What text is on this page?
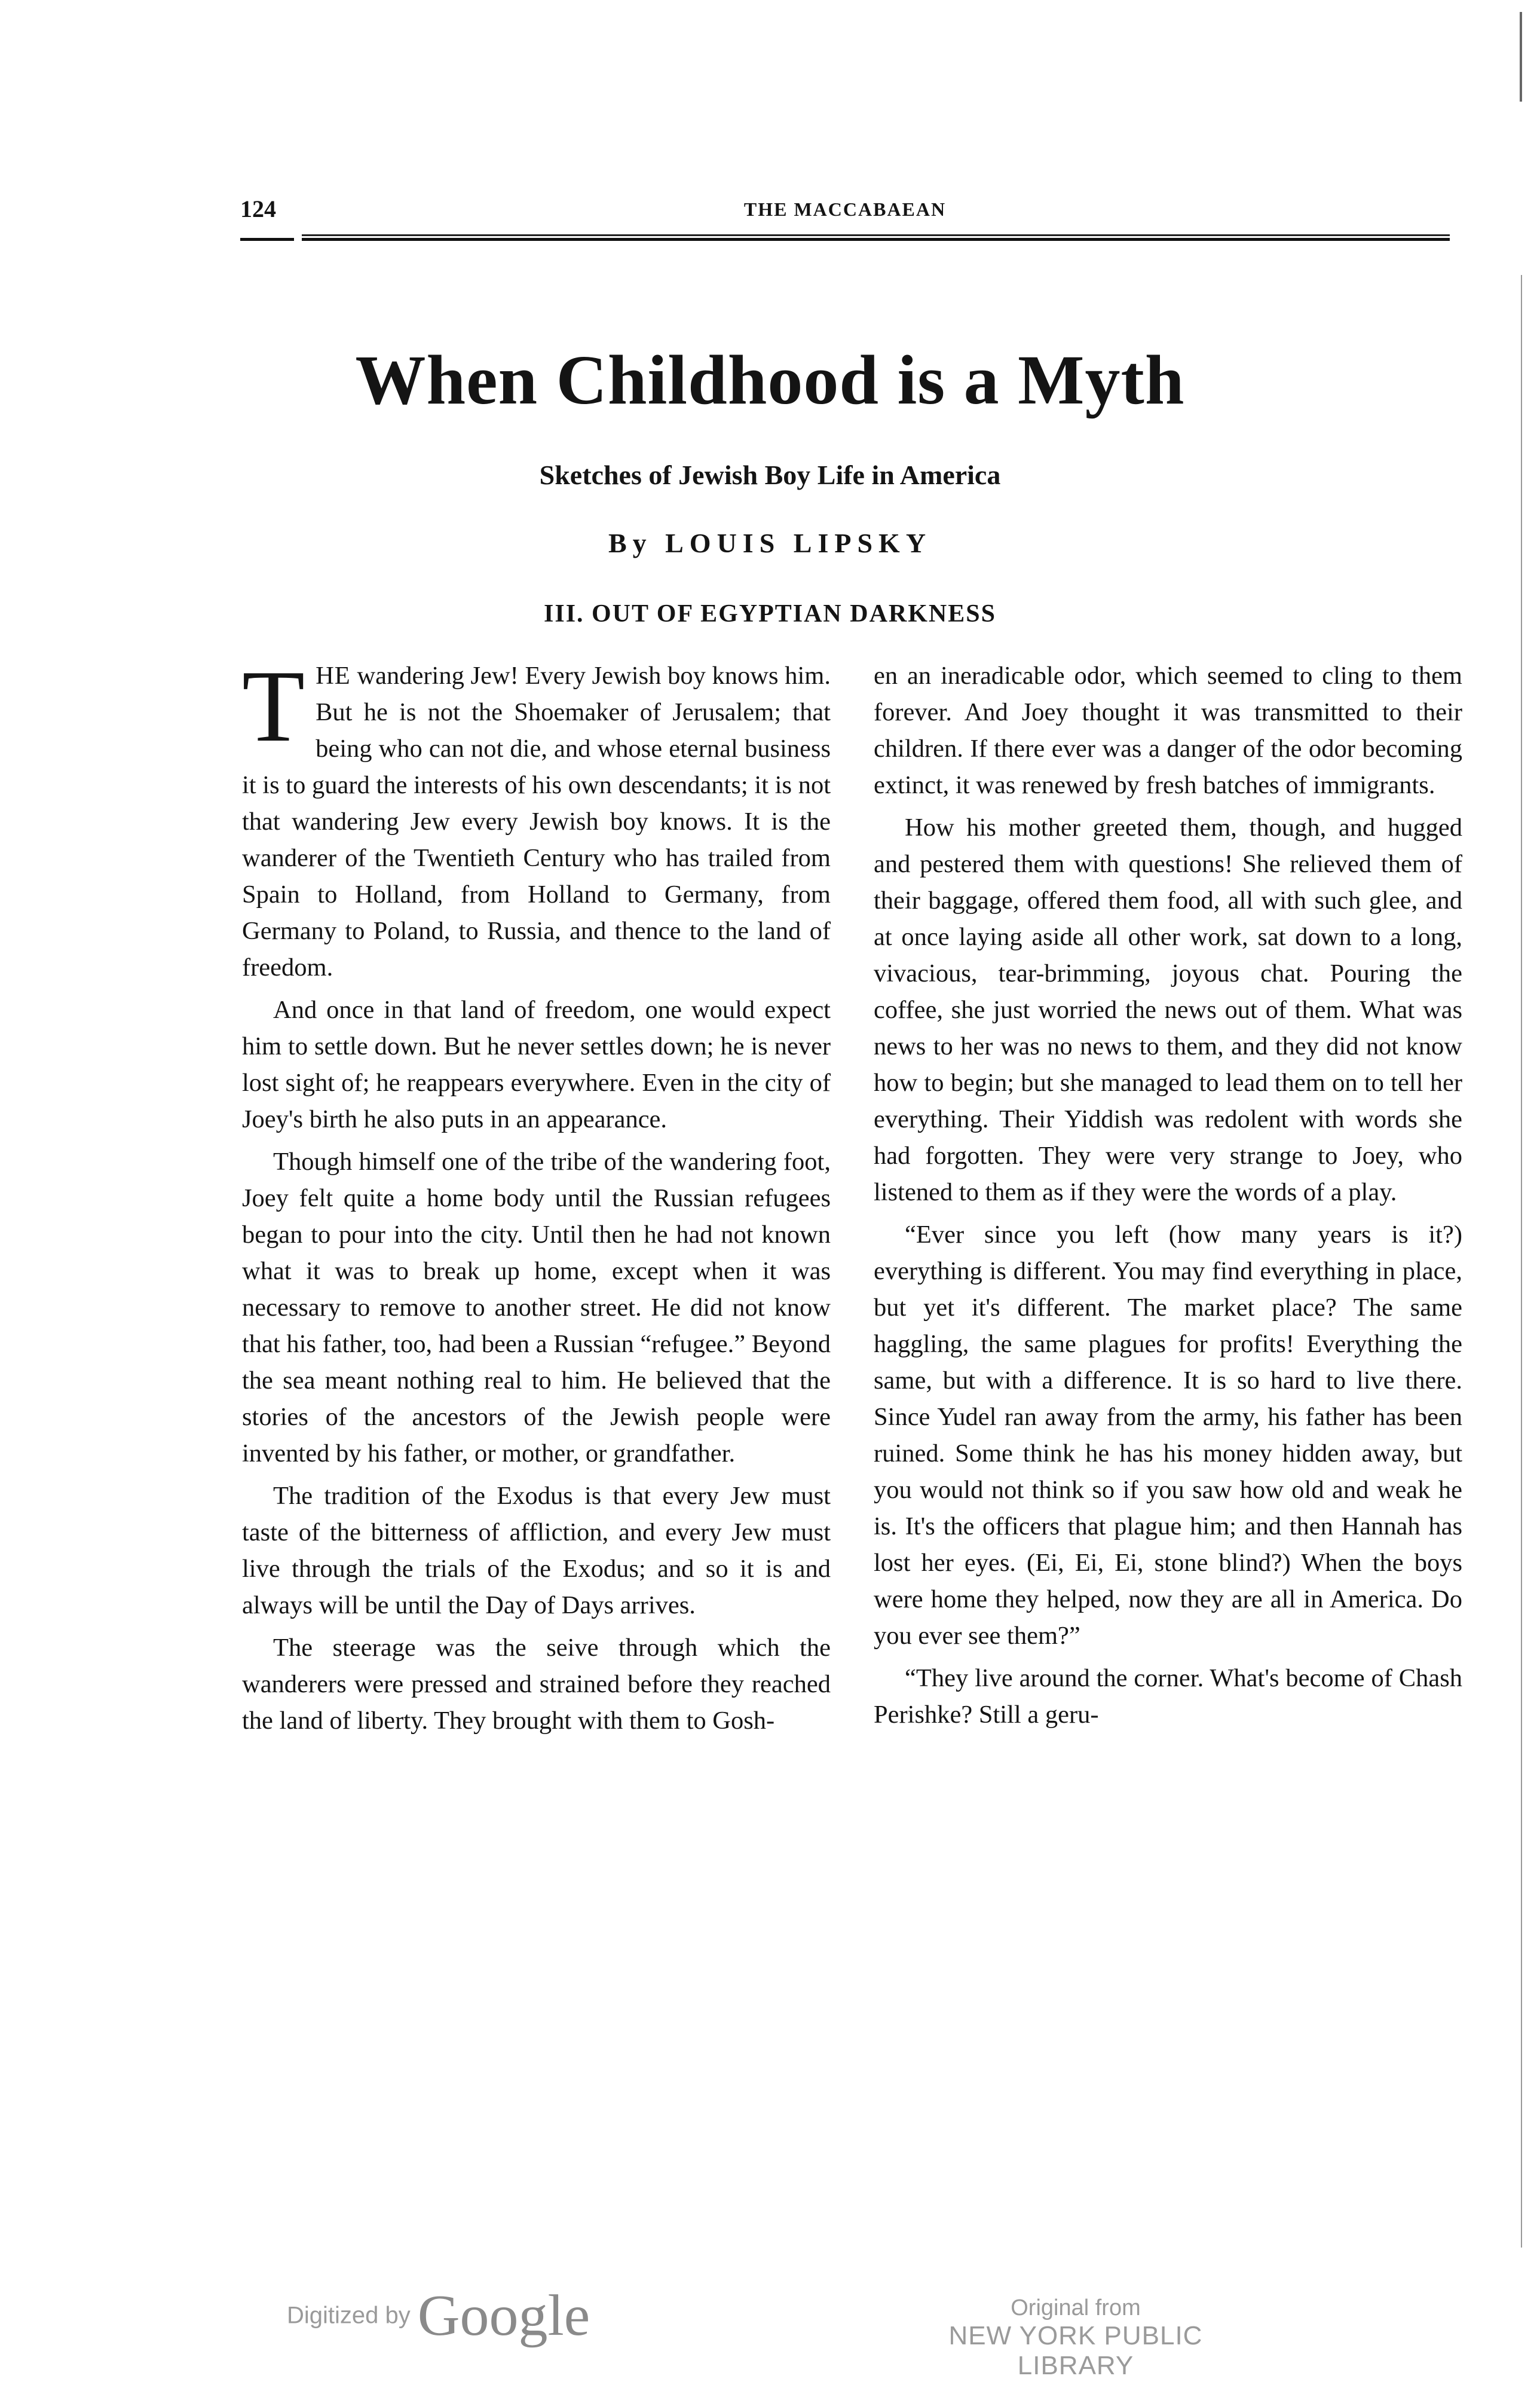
124	THE MACCABAEAN
When Childhood is a Myth
Sketches of Jewish Boy Life in America
By LOUIS LIPSKY
III. OUT OF EGYPTIAN DARKNESS

THE wandering Jew! Every Jewish boy knows him. But he is not the Shoemaker of Jerusalem; that being who can not die, and whose eternal business it is to guard the interests of his own descendants; it is not that wandering Jew every Jewish boy knows. It is the wanderer of the Twentieth Century who has trailed from Spain to Holland, from Holland to Germany, from Germany to Poland, to Russia, and thence to the land of freedom.

And once in that land of freedom, one would expect him to settle down. But he never settles down; he is never lost sight of; he reappears everywhere. Even in the city of Joey's birth he also puts in an appearance.

Though himself one of the tribe of the wandering foot, Joey felt quite a home body until the Russian refugees began to pour into the city. Until then he had not known what it was to break up home, except when it was necessary to remove to another street. He did not know that his father, too, had been a Russian “refugee.” Beyond the sea meant nothing real to him. He believed that the stories of the ancestors of the Jewish people were invented by his father, or mother, or grandfather.

The tradition of the Exodus is that every Jew must taste of the bitterness of affliction, and every Jew must live through the trials of the Exodus; and so it is and always will be until the Day of Days arrives.

The steerage was the seive through which the wanderers were pressed and strained before they reached the land of liberty. They brought with them to Gosh-

en an ineradicable odor, which seemed to cling to them forever. And Joey thought it was transmitted to their children. If there ever was a danger of the odor becoming extinct, it was renewed by fresh batches of immigrants.

How his mother greeted them, though, and hugged and pestered them with questions! She relieved them of their baggage, offered them food, all with such glee, and at once laying aside all other work, sat down to a long, vivacious, tear-brimming, joyous chat. Pouring the coffee, she just worried the news out of them. What was news to her was no news to them, and they did not know how to begin; but she managed to lead them on to tell her everything. Their Yiddish was redolent with words she had forgotten. They were very strange to Joey, who listened to them as if they were the words of a play.

“Ever since you left (how many years is it?) everything is different. You may find everything in place, but yet it's different. The market place? The same haggling, the same plagues for profits! Everything the same, but with a difference. It is so hard to live there. Since Yudel ran away from the army, his father has been ruined. Some think he has his money hidden away, but you would not think so if you saw how old and weak he is. It's the officers that plague him; and then Hannah has lost her eyes. (Ei, Ei, Ei, stone blind?) When the boys were home they helped, now they are all in America. Do you ever see them?”

“They live around the corner. What's become of Chash Perishke? Still a geru-

Digitized by Google	Original from
NEW YORK PUBLIC LIBRARY
